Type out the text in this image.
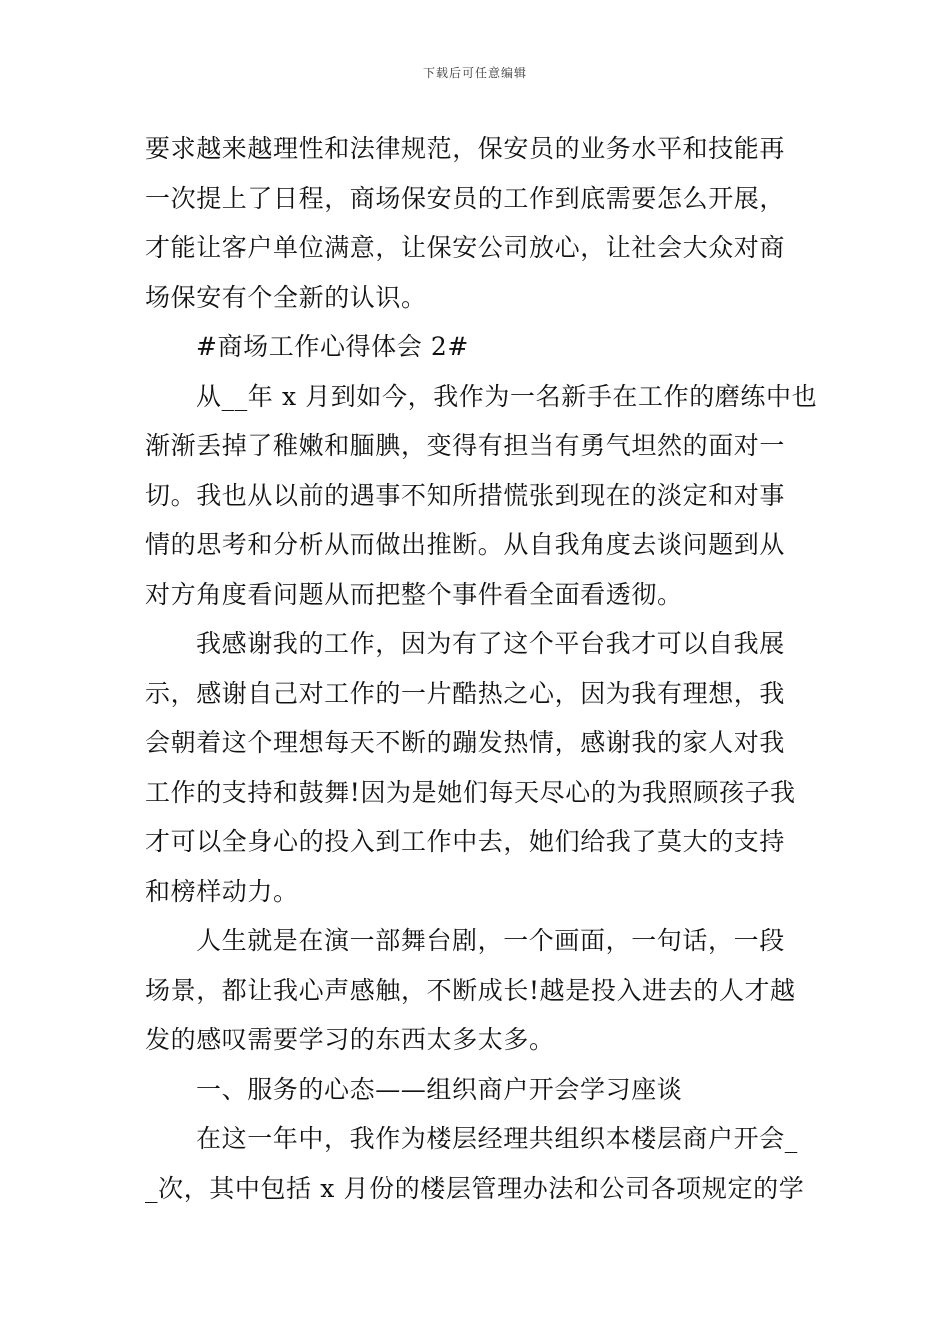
下载后可任意编辑
要求越来越理性和法律规范，保安员的业务水平和技能再
一次提上了日程，商场保安员的工作到底需要怎么开展，
才能让客户单位满意，让保安公司放心，让社会大众对商
场保安有个全新的认识。
#商场工作心得体会 2#
从__年 x 月到如今，我作为一名新手在工作的磨练中也
渐渐丢掉了稚嫩和腼腆，变得有担当有勇气坦然的面对一
切。我也从以前的遇事不知所措慌张到现在的淡定和对事
情的思考和分析从而做出推断。从自我角度去谈问题到从
对方角度看问题从而把整个事件看全面看透彻。
我感谢我的工作，因为有了这个平台我才可以自我展
示，感谢自己对工作的一片酷热之心，因为我有理想，我
会朝着这个理想每天不断的蹦发热情，感谢我的家人对我
工作的支持和鼓舞!因为是她们每天尽心的为我照顾孩子我
才可以全身心的投入到工作中去，她们给我了莫大的支持
和榜样动力。
人生就是在演一部舞台剧，一个画面，一句话，一段
场景，都让我心声感触，不断成长!越是投入进去的人才越
发的感叹需要学习的东西太多太多。
一、服务的心态——组织商户开会学习座谈
在这一年中，我作为楼层经理共组织本楼层商户开会_
_次，其中包括 x 月份的楼层管理办法和公司各项规定的学
